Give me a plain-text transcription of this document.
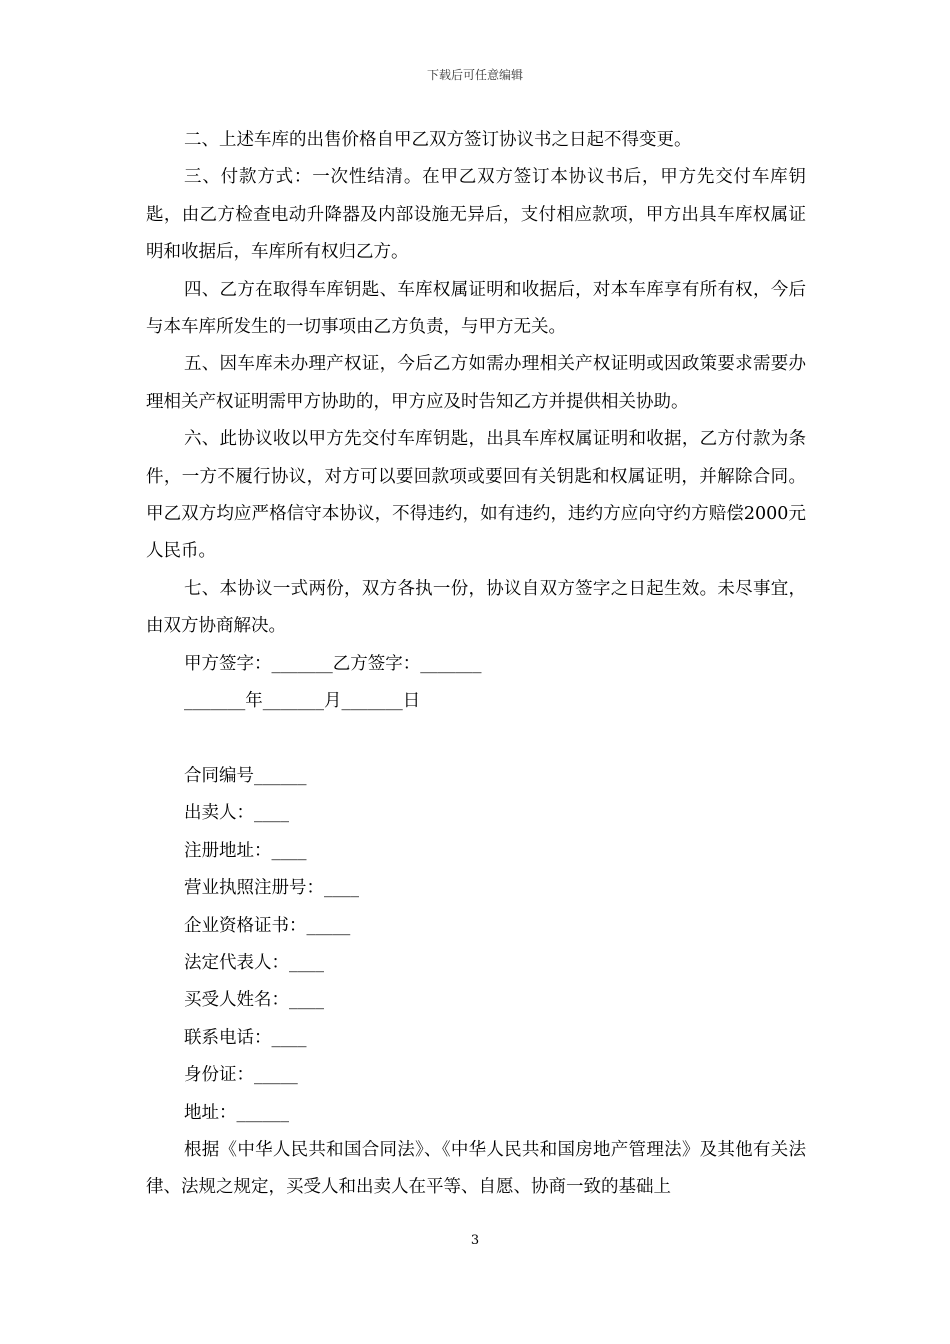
下载后可任意编辑

二、上述车库的出售价格自甲乙双方签订协议书之日起不得变更。

三、付款方式：一次性结清。在甲乙双方签订本协议书后，甲方先交付车库钥匙，由乙方检查电动升降器及内部设施无异后，支付相应款项，甲方出具车库权属证明和收据后，车库所有权归乙方。

四、乙方在取得车库钥匙、车库权属证明和收据后，对本车库享有所有权，今后与本车库所发生的一切事项由乙方负责，与甲方无关。

五、因车库未办理产权证，今后乙方如需办理相关产权证明或因政策要求需要办理相关产权证明需甲方协助的，甲方应及时告知乙方并提供相关协助。

六、此协议收以甲方先交付车库钥匙，出具车库权属证明和收据，乙方付款为条件，一方不履行协议，对方可以要回款项或要回有关钥匙和权属证明，并解除合同。甲乙双方均应严格信守本协议，不得违约，如有违约，违约方应向守约方赔偿2000元人民币。

七、本协议一式两份，双方各执一份，协议自双方签字之日起生效。未尽事宜，由双方协商解决。

甲方签字：_______乙方签字：_______

_______年_______月_______日

合同编号______

出卖人：____

注册地址：____

营业执照注册号：____

企业资格证书：_____

法定代表人：____

买受人姓名：____

联系电话：____

身份证：_____

地址：______

根据《中华人民共和国合同法》、《中华人民共和国房地产管理法》及其他有关法律、法规之规定，买受人和出卖人在平等、自愿、协商一致的基础上

3
